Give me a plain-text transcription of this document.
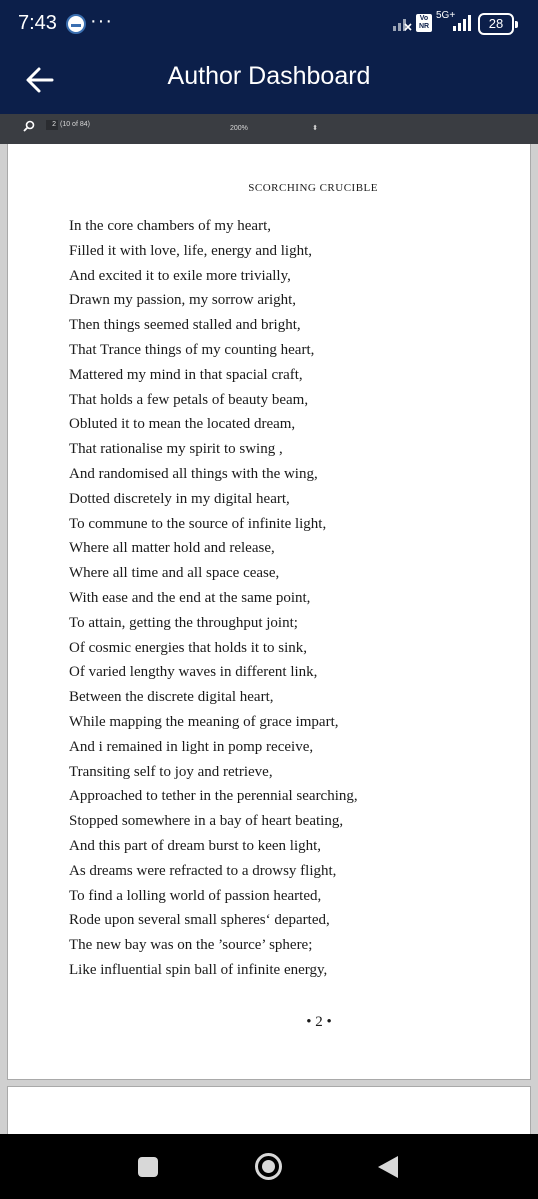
7:43 ···	Vo NR
5G+
28
Author Dashboard
2 (10 of 84)
200%	⬍
SCORCHING CRUCIBLE
In the core chambers of my heart,
Filled it with love, life, energy and light,
And excited it to exile more trivially,
Drawn my passion, my sorrow aright,
Then things seemed stalled and bright,
That Trance things of my counting heart,
Mattered my mind in that spacial craft,
That holds a few petals of beauty beam,
Obluted it to mean the located dream,
That rationalise my spirit to swing ,
And randomised all things with the wing,
Dotted discretely in my digital heart,
To commune to the source of infinite light,
Where all matter hold and release,
Where all time and all space cease,
With ease and the end at the same point,
To attain, getting the throughput joint;
Of cosmic energies that holds it to sink,
Of varied lengthy waves in different link,
Between the discrete digital heart,
While mapping the meaning of grace impart,
And i remained in light in pomp receive,
Transiting self to joy and retrieve,
Approached to tether in the perennial searching,
Stopped somewhere in a bay of heart beating,
And this part of dream burst to keen light,
As dreams were refracted to a drowsy flight,
To find a lolling world of passion hearted,
Rode upon several small spheres‘ departed,
The new bay was on the ’source’ sphere;
Like influential spin ball of infinite energy,
• 2 •
